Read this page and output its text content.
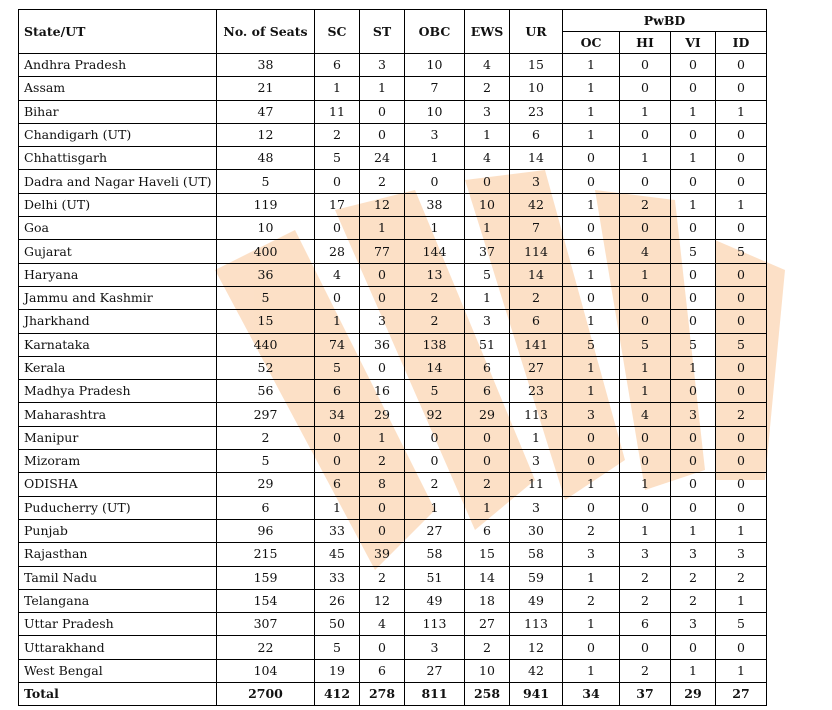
State/UT	No. of Seats	SC	ST	OBC	EWS	UR	PwBD			
							OC	HI	VI	ID
Andhra Pradesh	38	6	3	10	4	15	1	0	0	0
Assam	21	1	1	7	2	10	1	0	0	0
Bihar	47	11	0	10	3	23	1	1	1	1
Chandigarh (UT)	12	2	0	3	1	6	1	0	0	0
Chhattisgarh	48	5	24	1	4	14	0	1	1	0
Dadra and Nagar Haveli (UT)	5	0	2	0	0	3	0	0	0	0
Delhi (UT)	119	17	12	38	10	42	1	2	1	1
Goa	10	0	1	1	1	7	0	0	0	0
Gujarat	400	28	77	144	37	114	6	4	5	5
Haryana	36	4	0	13	5	14	1	1	0	0
Jammu and Kashmir	5	0	0	2	1	2	0	0	0	0
Jharkhand	15	1	3	2	3	6	1	0	0	0
Karnataka	440	74	36	138	51	141	5	5	5	5
Kerala	52	5	0	14	6	27	1	1	1	0
Madhya Pradesh	56	6	16	5	6	23	1	1	0	0
Maharashtra	297	34	29	92	29	113	3	4	3	2
Manipur	2	0	1	0	0	1	0	0	0	0
Mizoram	5	0	2	0	0	3	0	0	0	0
ODISHA	29	6	8	2	2	11	1	1	0	0
Puducherry (UT)	6	1	0	1	1	3	0	0	0	0
Punjab	96	33	0	27	6	30	2	1	1	1
Rajasthan	215	45	39	58	15	58	3	3	3	3
Tamil Nadu	159	33	2	51	14	59	1	2	2	2
Telangana	154	26	12	49	18	49	2	2	2	1
Uttar Pradesh	307	50	4	113	27	113	1	6	3	5
Uttarakhand	22	5	0	3	2	12	0	0	0	0
West Bengal	104	19	6	27	10	42	1	2	1	1
Total	2700	412	278	811	258	941	34	37	29	27
